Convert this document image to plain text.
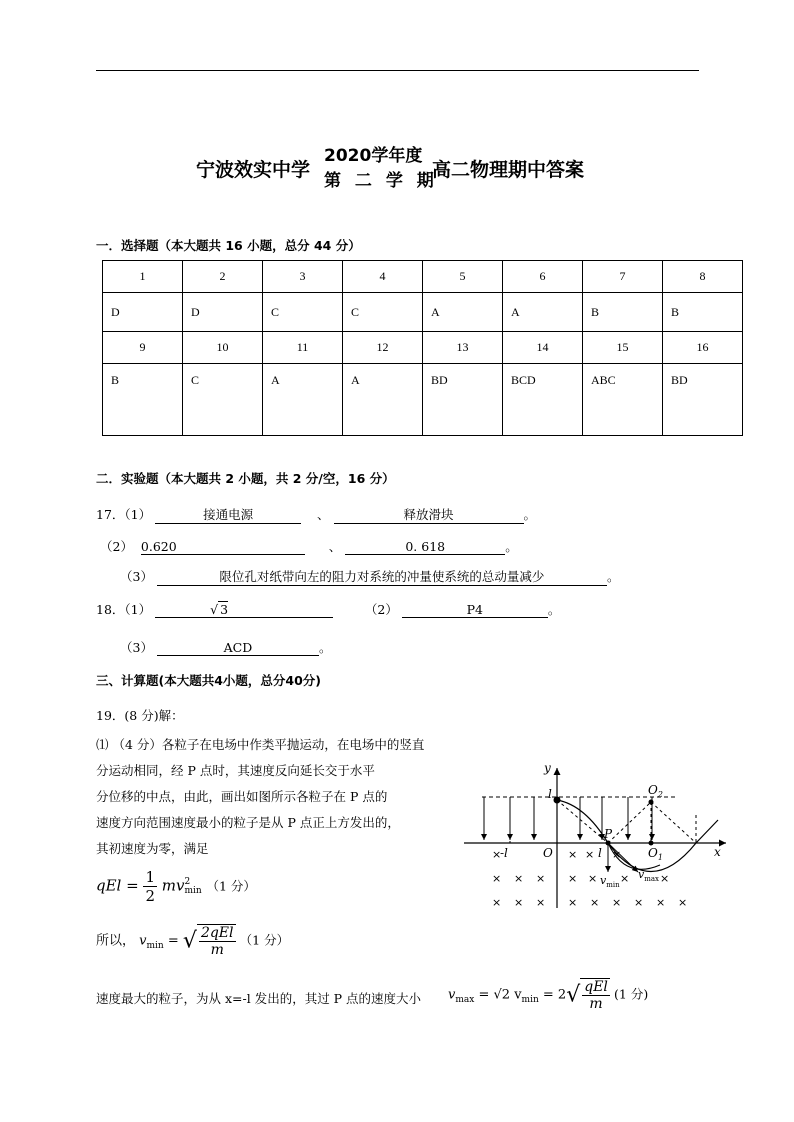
宁波效实中学
2020学年度
第 二 学 期
高二物理期中答案
一．选择题（本大题共 16 小题，总分 44 分）
1	2	3	4	5	6	7	8
D	D	C	C	A	A	B	B
9	10	11	12	13	14	15	16
B	C	A	A	BD	BCD	ABC	BD
二．实验题（本大题共 2 小题，共 2 分/空，16 分）
17．（1）	接通电源	、	释放滑块	。
（2） 0.620	、	0. 618	。
（3）	限位孔对纸带向左的阻力对系统的冲量使系统的总动量减少	。
18．（1）	√ 3	（2）	P4	。
（3）	ACD	。
三、计算题(本大题共4小题，总分40分)
19．(8 分)解：
⑴ （4 分）各粒子在电场中作类平抛运动，在电场中的竖直
分运动相同，经 P 点时，其速度反向延长交于水平
分位移的中点，由此，画出如图所示各粒子在 P 点的
速度方向范围速度最小的粒子是从 P 点正上方发出的，
其初速度为零，满足
qEl = $\frac{1}{2}$ mv 2
min （1 分）
所以， $v_{min}$ = √ $\frac{\text{2qEl}}{m} (1$ 分）
速度最大的粒子，为从 x=-l 发出的，其过 P 点的速度大小 $v_{max} = √2$ $v_{min} = 2√ \frac{\text{qEl}}{m} (1$ 分)
y
x
l
-l	O	l
P
$O_1$
$O_2$
$v_{min}$
$v_{max}$
×	× × ×
× × × × × ×	×
× × × × × × × × ×
